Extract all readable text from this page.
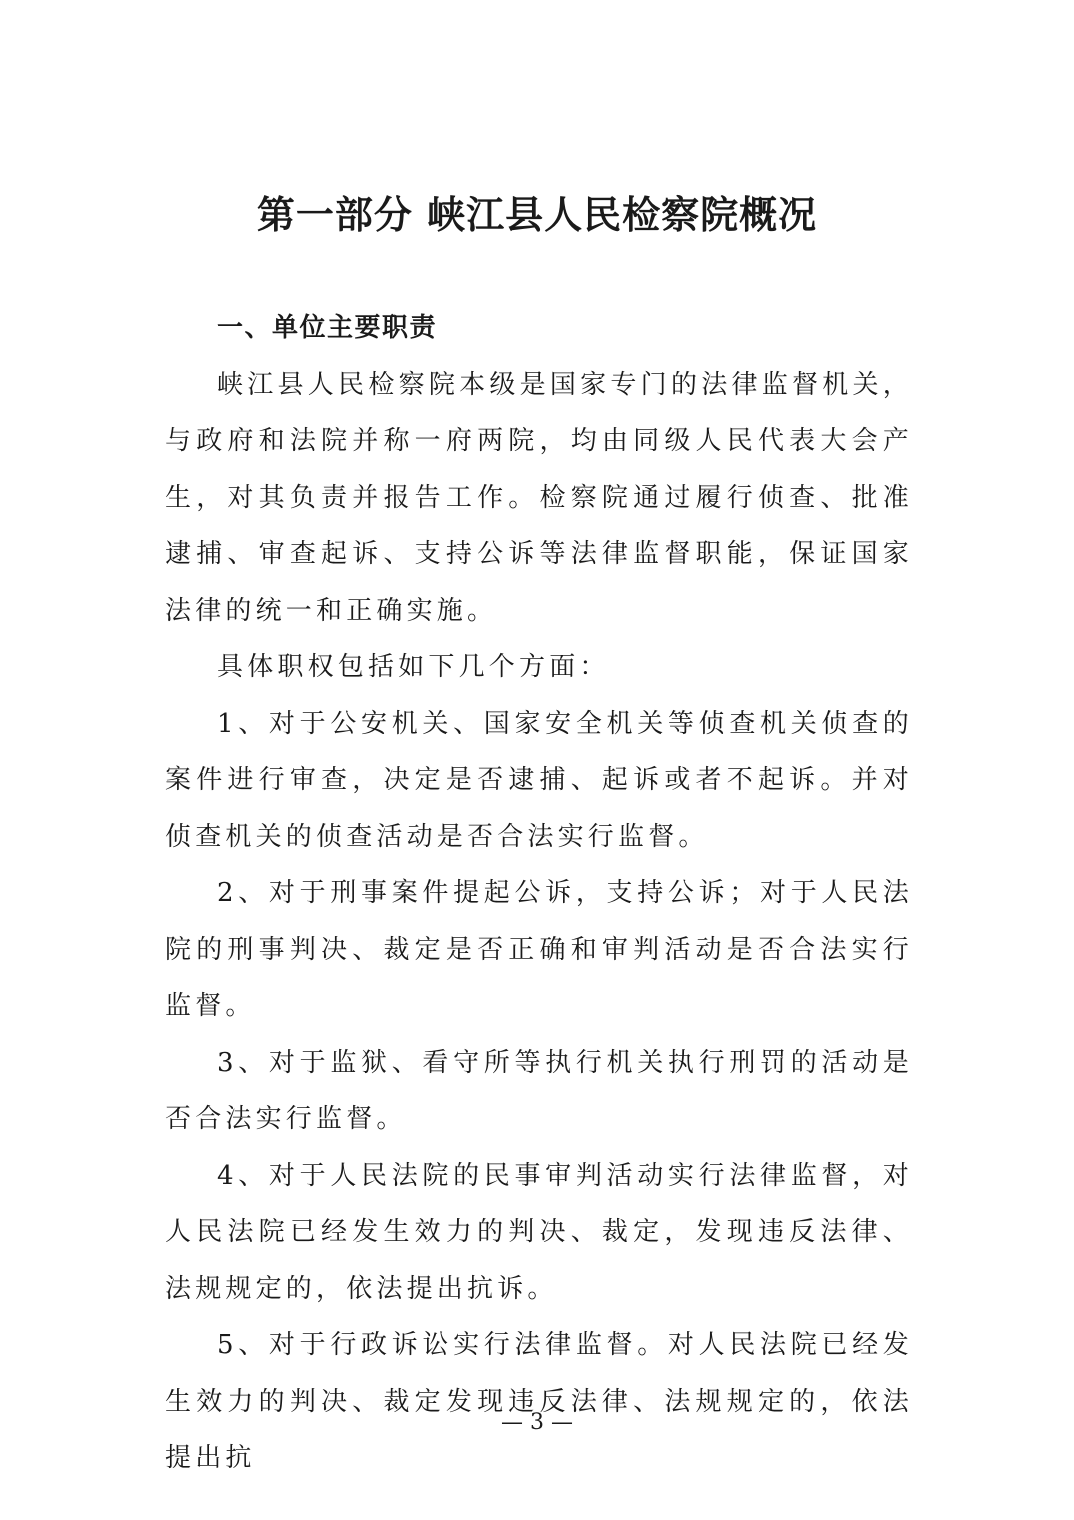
第一部分 峡江县人民检察院概况

一、单位主要职责

峡江县人民检察院本级是国家专门的法律监督机关，与政府和法院并称一府两院，均由同级人民代表大会产生，对其负责并报告工作。检察院通过履行侦查、批准逮捕、审查起诉、支持公诉等法律监督职能，保证国家法律的统一和正确实施。

具体职权包括如下几个方面：

1、对于公安机关、国家安全机关等侦查机关侦查的案件进行审查，决定是否逮捕、起诉或者不起诉。并对侦查机关的侦查活动是否合法实行监督。

2、对于刑事案件提起公诉，支持公诉；对于人民法院的刑事判决、裁定是否正确和审判活动是否合法实行监督。

3、对于监狱、看守所等执行机关执行刑罚的活动是否合法实行监督。

4、对于人民法院的民事审判活动实行法律监督，对人民法院已经发生效力的判决、裁定，发现违反法律、法规规定的，依法提出抗诉。

5、对于行政诉讼实行法律监督。对人民法院已经发生效力的判决、裁定发现违反法律、法规规定的，依法提出抗

— 3 —
